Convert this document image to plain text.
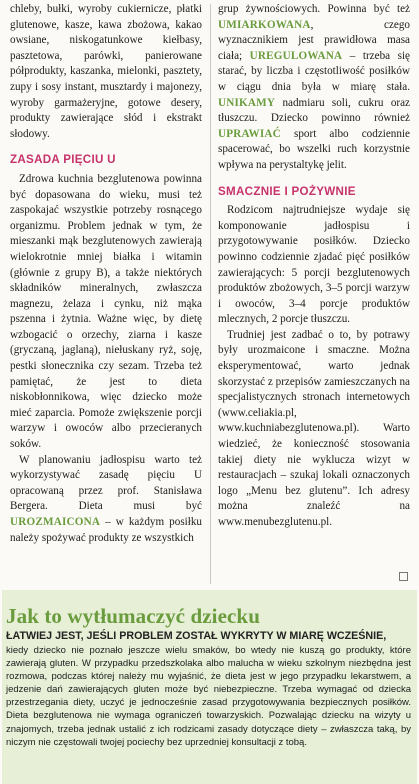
chleby, bułki, wyroby cukiernicze, płatki glutenowe, kasze, kawa zbożowa, kakao owsiane, niskogatunkowe kiełbasy, pasztetowa, parówki, panierowane półprodukty, kaszanka, mielonki, pasztety, zupy i sosy instant, musztardy i majonezy, wyroby garmażeryjne, gotowe desery, produkty zawierające słód i ekstrakt słodowy.

ZASADA PIĘCIU U

Zdrowa kuchnia bezglutenowa powinna być dopasowana do wieku, musi też zaspokajać wszystkie potrzeby rosnącego organizmu. Problem jednak w tym, że mieszanki mąk bezglutenowych zawierają wielokrotnie mniej białka i witamin (głównie z grupy B), a także niektórych składników mineralnych, zwłaszcza magnezu, żelaza i cynku, niż mąka pszenna i żytnia. Ważne więc, by dietę wzbogacić o orzechy, ziarna i kasze (gryczaną, jaglaną), niełuskany ryż, soję, pestki słonecznika czy sezam. Trzeba też pamiętać, że jest to dieta niskobłonnikowa, więc dziecko może mieć zaparcia. Pomoże zwiększenie porcji warzyw i owoców albo przecieranych soków.

W planowaniu jadłospisu warto też wykorzystywać zasadę pięciu U opracowaną przez prof. Stanisława Bergera. Dieta musi być UROZMAICONA – w każdym posiłku należy spożywać produkty ze wszystkich

grup żywnościowych. Powinna być też UMIARKOWANA, czego wyznacznikiem jest prawidłowa masa ciała; UREGULOWANA – trzeba się starać, by liczba i częstotliwość posiłków w ciągu dnia była w miarę stała. UNIKAMY nadmiaru soli, cukru oraz tłuszczu. Dziecko powinno również UPRAWIAĆ sport albo codziennie spacerować, bo wszelki ruch korzystnie wpływa na perystaltykę jelit.

SMACZNIE I POŻYWNIE

Rodzicom najtrudniejsze wydaje się komponowanie jadłospisu i przygotowywanie posiłków. Dziecko powinno codziennie zjadać pięć posiłków zawierających: 5 porcji bezglutenowych produktów zbożowych, 3–5 porcji warzyw i owoców, 3–4 porcje produktów mlecznych, 2 porcje tłuszczu.

Trudniej jest zadbać o to, by potrawy były urozmaicone i smaczne. Można eksperymentować, warto jednak skorzystać z przepisów zamieszczanych na specjalistycznych stronach internetowych (www.celiakia.pl, www.kuchniabezglutenowa.pl). Warto wiedzieć, że konieczność stosowania takiej diety nie wyklucza wizyt w restauracjach – szukaj lokali oznaczonych logo „Menu bez glutenu”. Ich adresy można znaleźć na www.menubezglutenu.pl.

Jak to wytłumaczyć dziecku
ŁATWIEJ JEST, JEŚLI PROBLEM ZOSTAŁ WYKRYTY W MIARĘ WCZEŚNIE,
kiedy dziecko nie poznało jeszcze wielu smaków, bo wtedy nie kuszą go produkty, które zawierają gluten. W przypadku przedszkolaka albo malucha w wieku szkolnym niezbędna jest rozmowa, podczas której należy mu wyjaśnić, że dieta jest w jego przypadku lekarstwem, a jedzenie dań zawierających gluten może być niebezpieczne. Trzeba wymagać od dziecka przestrzegania diety, uczyć je jednocześnie zasad przygotowywania bezpiecznych posiłków. Dieta bezglutenowa nie wymaga ograniczeń towarzyskich. Pozwalając dziecku na wizyty u znajomych, trzeba jednak ustalić z ich rodzicami zasady dotyczące diety – zwłaszcza taką, by niczym nie częstowali twojej pociechy bez uprzedniej konsultacji z tobą.
